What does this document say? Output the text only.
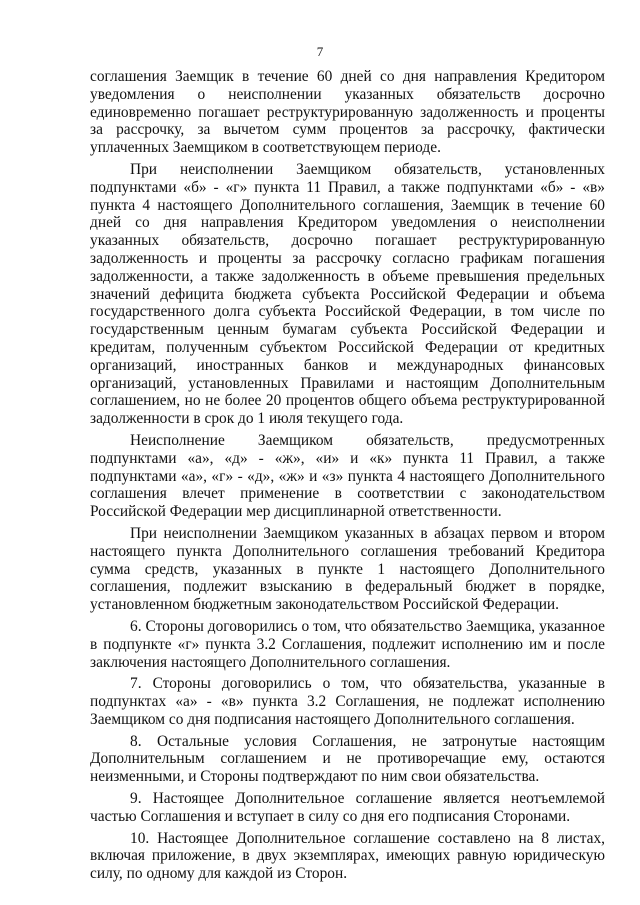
7

соглашения Заемщик в течение 60 дней со дня направления Кредитором уведомления о неисполнении указанных обязательств досрочно единовременно погашает реструктурированную задолженность и проценты за рассрочку, за вычетом сумм процентов за рассрочку, фактически уплаченных Заемщиком в соответствующем периоде.

При неисполнении Заемщиком обязательств, установленных подпунктами «б» - «г» пункта 11 Правил, а также подпунктами «б» - «в» пункта 4 настоящего Дополнительного соглашения, Заемщик в течение 60 дней со дня направления Кредитором уведомления о неисполнении указанных обязательств, досрочно погашает реструктурированную задолженность и проценты за рассрочку согласно графикам погашения задолженности, а также задолженность в объеме превышения предельных значений дефицита бюджета субъекта Российской Федерации и объема государственного долга субъекта Российской Федерации, в том числе по государственным ценным бумагам субъекта Российской Федерации и кредитам, полученным субъектом Российской Федерации от кредитных организаций, иностранных банков и международных финансовых организаций, установленных Правилами и настоящим Дополнительным соглашением, но не более 20 процентов общего объема реструктурированной задолженности в срок до 1 июля текущего года.

Неисполнение Заемщиком обязательств, предусмотренных подпунктами «а», «д» - «ж», «и» и «к» пункта 11 Правил, а также подпунктами «а», «г» - «д», «ж» и «з» пункта 4 настоящего Дополнительного соглашения влечет применение в соответствии с законодательством Российской Федерации мер дисциплинарной ответственности.

При неисполнении Заемщиком указанных в абзацах первом и втором настоящего пункта Дополнительного соглашения требований Кредитора сумма средств, указанных в пункте 1 настоящего Дополнительного соглашения, подлежит взысканию в федеральный бюджет в порядке, установленном бюджетным законодательством Российской Федерации.

6. Стороны договорились о том, что обязательство Заемщика, указанное в подпункте «г» пункта 3.2 Соглашения, подлежит исполнению им и после заключения настоящего Дополнительного соглашения.

7. Стороны договорились о том, что обязательства, указанные в подпунктах «а» - «в» пункта 3.2 Соглашения, не подлежат исполнению Заемщиком со дня подписания настоящего Дополнительного соглашения.

8. Остальные условия Соглашения, не затронутые настоящим Дополнительным соглашением и не противоречащие ему, остаются неизменными, и Стороны подтверждают по ним свои обязательства.

9. Настоящее Дополнительное соглашение является неотъемлемой частью Соглашения и вступает в силу со дня его подписания Сторонами.

10. Настоящее Дополнительное соглашение составлено на 8 листах, включая приложение, в двух экземплярах, имеющих равную юридическую силу, по одному для каждой из Сторон.
